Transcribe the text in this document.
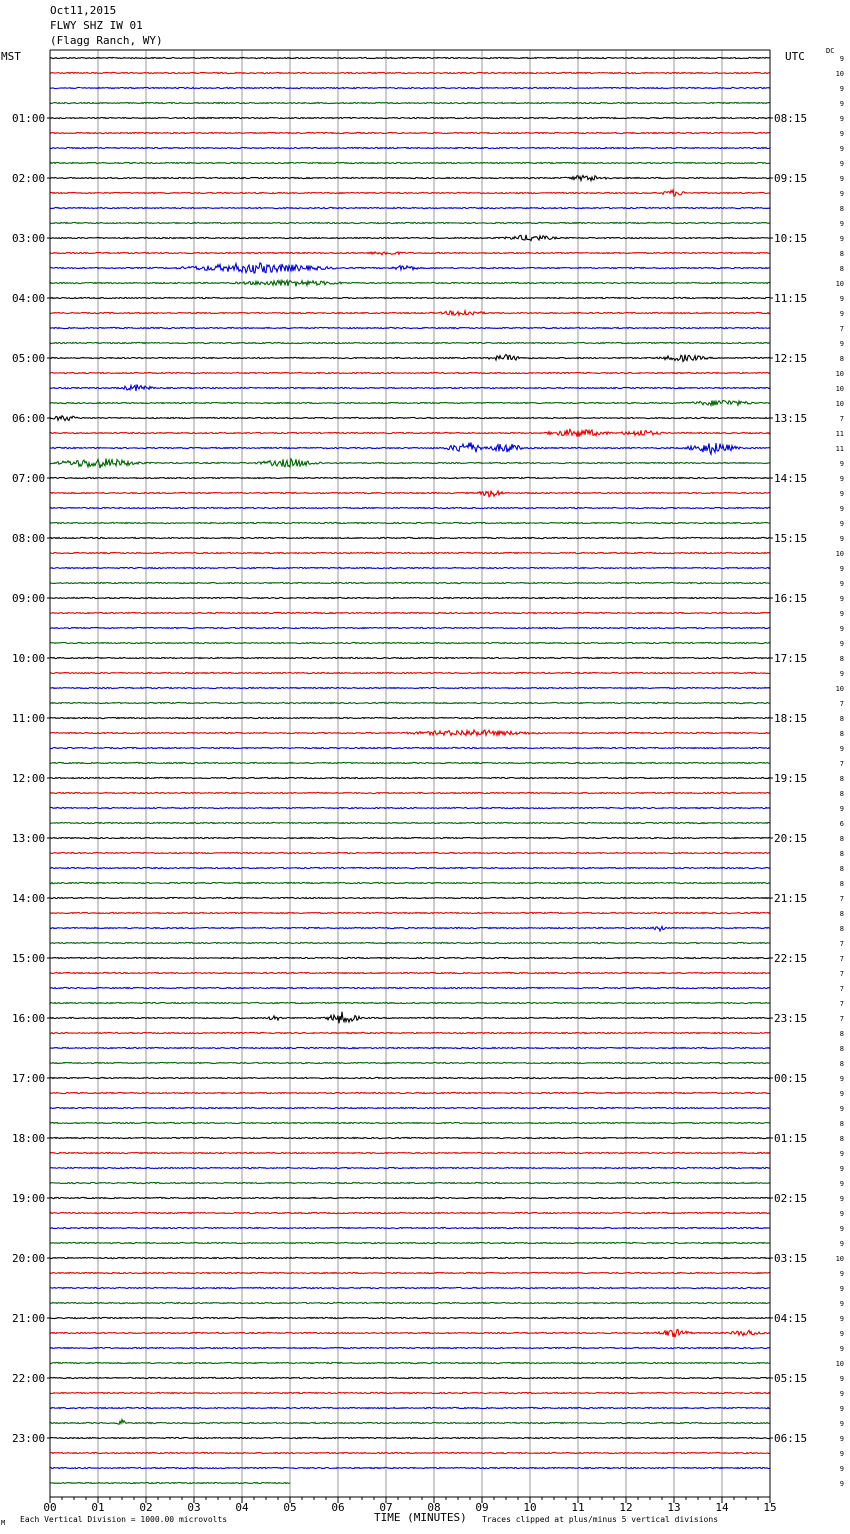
Oct11,2015
FLWY SHZ IW 01
(Flagg Ranch, WY)
MST	UTC	DC
00	01	02	03	04	05	06	07	08	09	10	11	12	13	14	15
01:00	08:15
02:00	09:15
03:00	10:15
04:00	11:15
05:00	12:15
06:00	13:15
07:00	14:15
08:00	15:15
09:00	16:15
10:00	17:15
11:00	18:15
12:00	19:15
13:00	20:15
14:00	21:15
15:00	22:15
16:00	23:15
17:00	00:15
18:00	01:15
19:00	02:15
20:00	03:15
21:00	04:15
22:00	05:15
23:00	06:15
9
10
9
9
9
9
9
9
9
9
8
9
9
8
8
10
9
9
7
9
8
10
10
10
7
11
11
9
9
9
9
9
9
10
9
9
9
9
9
9
8
9
10
7
8
8
9
7
8
8
9
6
8
8
8
8
7
8
8
7
7
7
7
7
7
8
8
8
9
9
9
8
8
9
9
9
9
9
9
9
10
9
9
9
9
9
9
10
9
9
9
9
9
9
9
9
M Each Vertical Division = 1000.00 microvolts	TIME (MINUTES) Traces clipped at plus/minus 5 vertical divisions
